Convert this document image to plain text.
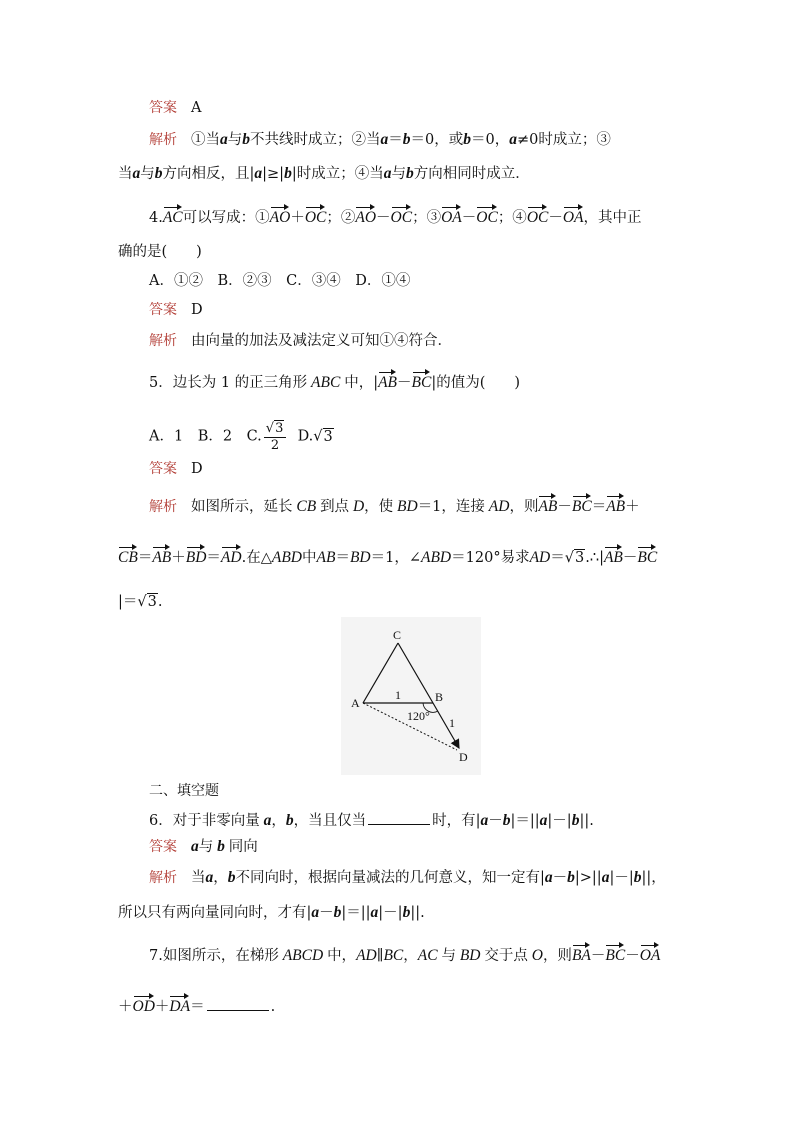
答案 A
解析 ①当a与b不共线时成立；②当a＝b＝0，或b＝0，a≠0时成立；③
当a与b方向相反，且|a|≥|b|时成立；④当a与b方向相同时成立．
4.AC可以写成：①AO＋OC；②AO－OC；③OA－OC；④OC－OA，其中正
确的是(　　)
A．①②　B．②③　C．③④　D．①④
答案 D
解析 由向量的加法及减法定义可知①④符合．
5．边长为 1 的正三角形 ABC 中，|AB－BC|的值为(　　)
A．1　B．2　C. $\frac{√3}{2} D.√3$
答案 D
解析 如图所示，延长 CB 到点 D，使 BD＝1，连接 AD，则AB－BC＝AB＋
CB＝AB＋BD＝AD.在△ABD中AB＝BD＝1，∠ABD＝120°易求AD＝√3.∴|AB－BC
|＝√3.
C
A	B
D
1
1
120°
二、填空题
6．对于非零向量 a，b，当且仅当	时，有|a－b|＝||a|－|b||.
答案 a与 b 同向
解析 当a，b不同向时，根据向量减法的几何意义，知一定有|a－b|>||a|－|b||，
所以只有两向量同向时，才有|a－b|＝||a|－|b||.
7.如图所示，在梯形 ABCD 中，AD∥BC，AC 与 BD 交于点 O，则BA－BC－OA
＋OD＋DA＝	.
